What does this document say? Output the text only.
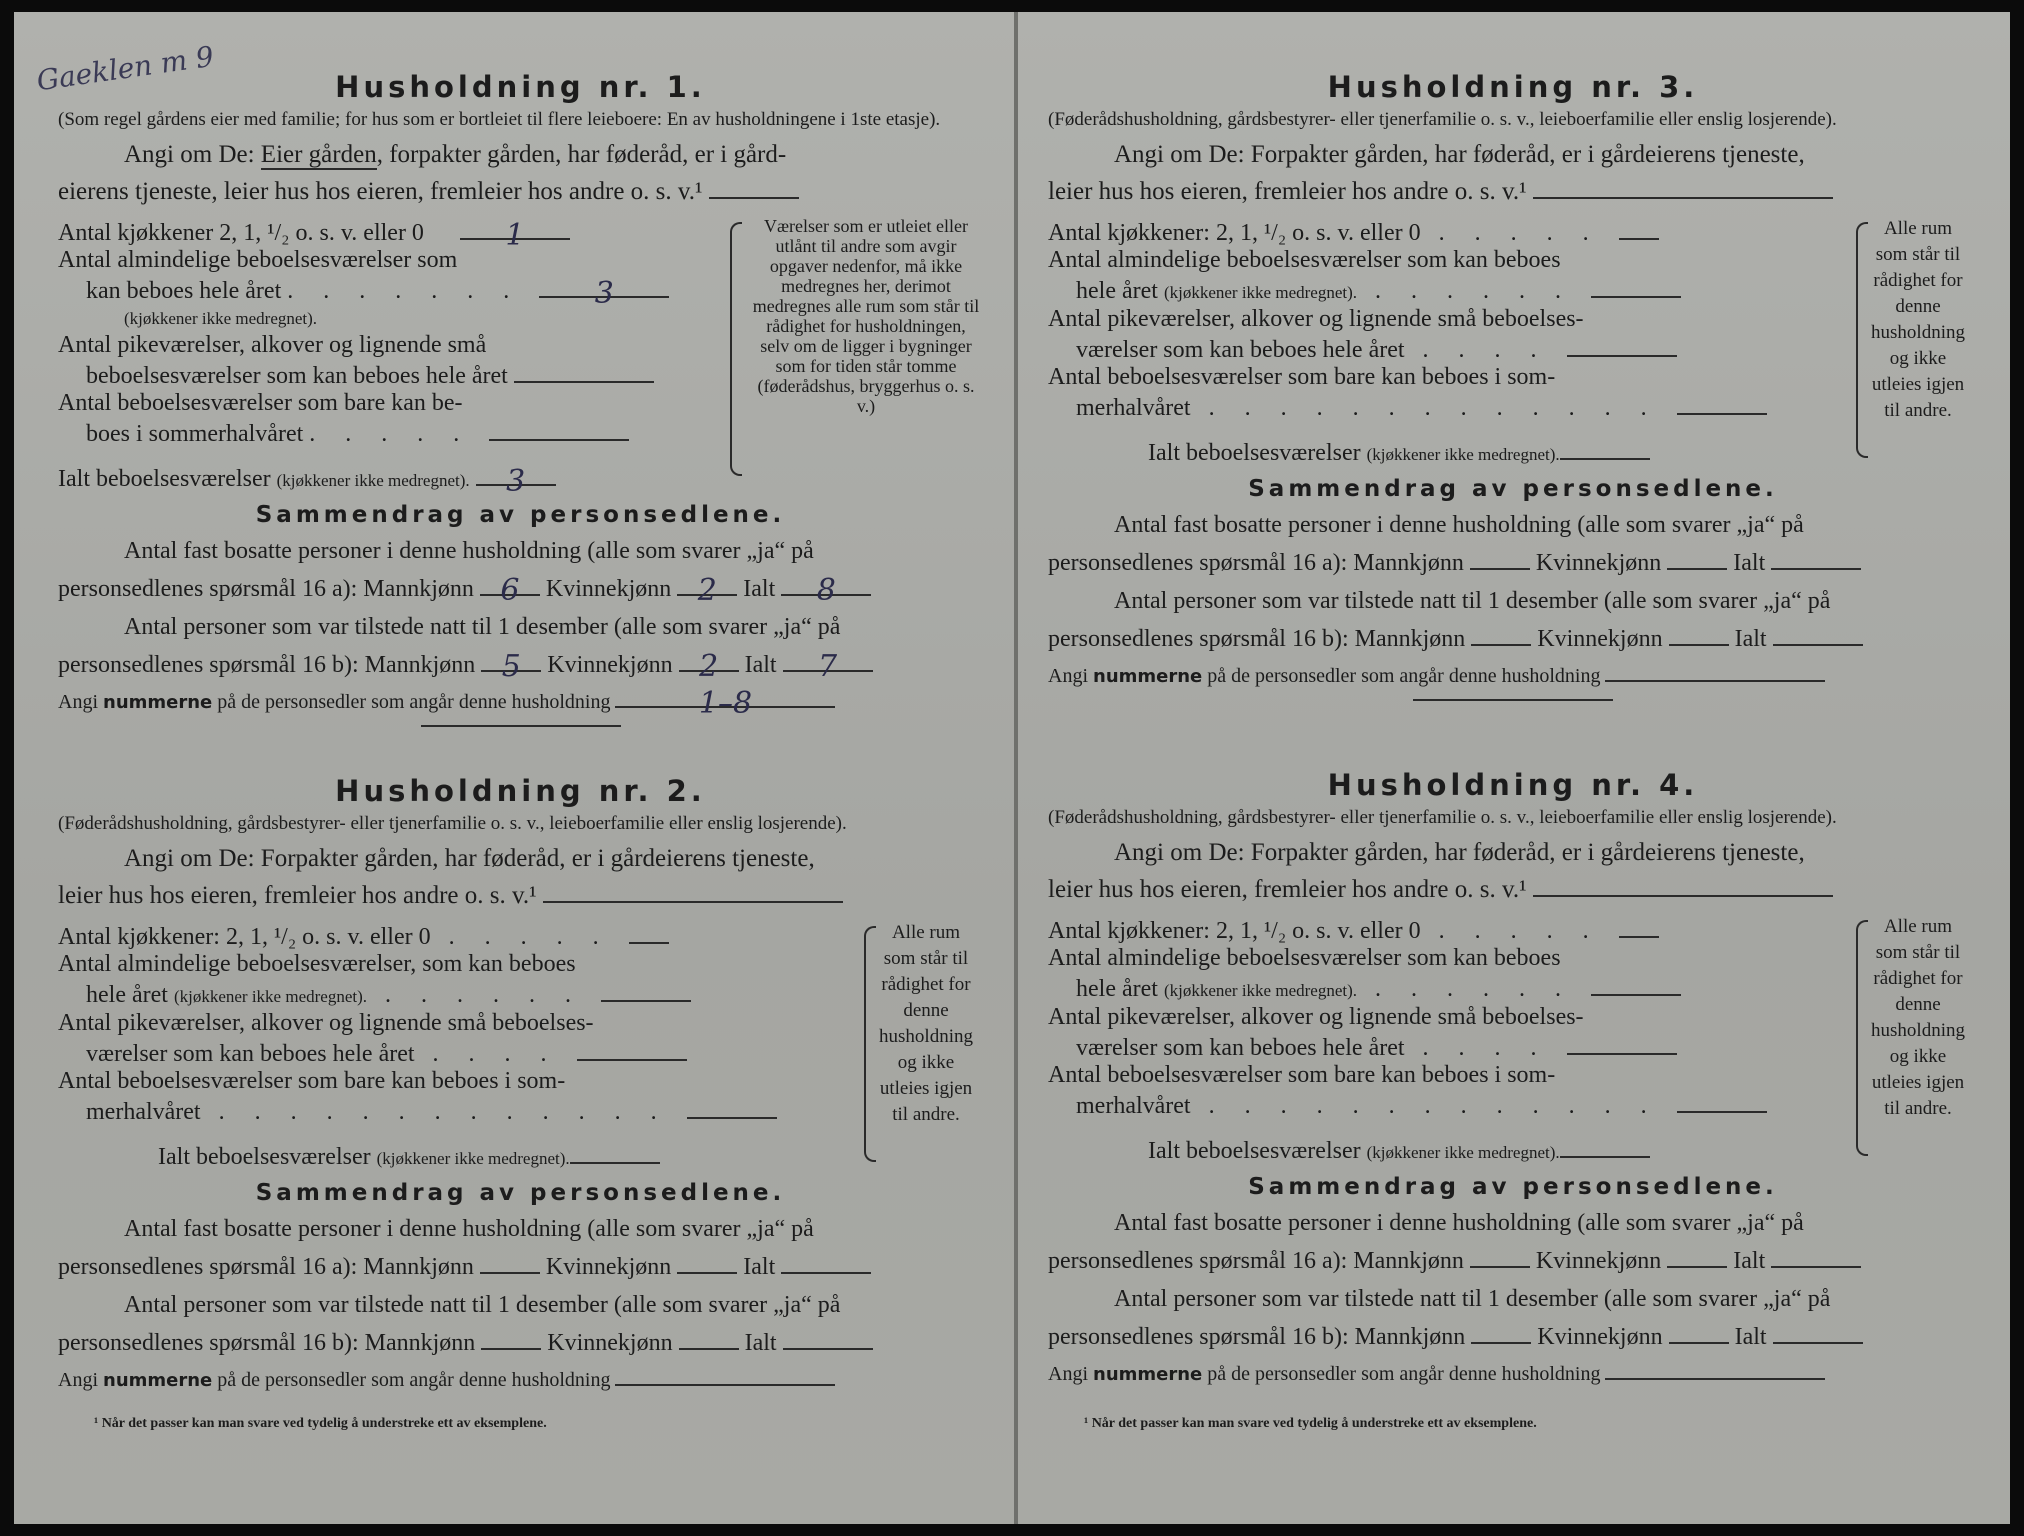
Gaeklen m 9	Husholdning nr. 1.
(Som regel gårdens eier med familie; for hus som er bortleiet til flere leieboere: En av husholdningene i 1ste etasje).
Angi om De: Eier gården, forpakter gården, har føderåd, er i gård-
eierens tjeneste, leier hus hos eieren, fremleier hos andre o. s. v.¹
Antal kjøkkener 2, 1, ¹/₂ o. s. v. eller 0	1
Antal almindelige beboelsesværelser som
kan beboes hele året . . . . . . .	3
(kjøkkener ikke medregnet).
Antal pikeværelser, alkover og lignende små
beboelsesværelser som kan beboes hele året
Antal beboelsesværelser som bare kan be-
boes i sommerhalvåret . . . . .
Ialt beboelsesværelser (kjøkkener ikke medregnet).	3
Værelser som er utleiet eller utlånt til andre som avgir opgaver nedenfor, må ikke medregnes her, derimot medregnes alle rum som står til rådighet for husholdningen, selv om de ligger i bygninger som for tiden står tomme (føderådshus, bryggerhus o. s. v.)
Sammendrag av personsedlene.
Antal fast bosatte personer i denne husholdning (alle som svarer „ja“ på
personsedlenes spørsmål 16 a): Mannkjønn 6	Kvinnekjønn 2	Ialt	8
Antal personer som var tilstede natt til 1 desember (alle som svarer „ja“ på
personsedlenes spørsmål 16 b): Mannkjønn 5	Kvinnekjønn 2	Ialt	7
Angi nummerne på de personsedler som angår denne husholdning	1–8
Husholdning nr. 2.
(Føderådshusholdning, gårdsbestyrer- eller tjenerfamilie o. s. v., leieboerfamilie eller enslig losjerende).
Angi om De: Forpakter gården, har føderåd, er i gårdeierens tjeneste,
leier hus hos eieren, fremleier hos andre o. s. v.¹
Antal kjøkkener: 2, 1, ¹/₂ o. s. v. eller 0 . . . . .
Antal almindelige beboelsesværelser, som kan beboes
hele året (kjøkkener ikke medregnet). . . . . . .
Antal pikeværelser, alkover og lignende små beboelses-
værelser som kan beboes hele året . . . .
Antal beboelsesværelser som bare kan beboes i som-
merhalvåret . . . . . . . . . . . . .
Ialt beboelsesværelser (kjøkkener ikke medregnet).
Alle rum som står til rådighet for denne husholdning og ikke utleies igjen til andre.
Sammendrag av personsedlene.
Antal fast bosatte personer i denne husholdning (alle som svarer „ja“ på
personsedlenes spørsmål 16 a): Mannkjønn	Kvinnekjønn	Ialt
Antal personer som var tilstede natt til 1 desember (alle som svarer „ja“ på
personsedlenes spørsmål 16 b): Mannkjønn	Kvinnekjønn	Ialt
Angi nummerne på de personsedler som angår denne husholdning
¹ Når det passer kan man svare ved tydelig å understreke ett av eksemplene.
Husholdning nr. 3.
(Føderådshusholdning, gårdsbestyrer- eller tjenerfamilie o. s. v., leieboerfamilie eller enslig losjerende).
Angi om De: Forpakter gården, har føderåd, er i gårdeierens tjeneste,
leier hus hos eieren, fremleier hos andre o. s. v.¹
Antal kjøkkener: 2, 1, ¹/₂ o. s. v. eller 0 . . . . .
Antal almindelige beboelsesværelser som kan beboes
hele året (kjøkkener ikke medregnet). . . . . . .
Antal pikeværelser, alkover og lignende små beboelses-
værelser som kan beboes hele året . . . .
Antal beboelsesværelser som bare kan beboes i som-
merhalvåret . . . . . . . . . . . . .
Ialt beboelsesværelser (kjøkkener ikke medregnet).
Alle rum som står til rådighet for denne husholdning og ikke utleies igjen til andre.
Sammendrag av personsedlene.
Antal fast bosatte personer i denne husholdning (alle som svarer „ja“ på
personsedlenes spørsmål 16 a): Mannkjønn	Kvinnekjønn	Ialt
Antal personer som var tilstede natt til 1 desember (alle som svarer „ja“ på
personsedlenes spørsmål 16 b): Mannkjønn	Kvinnekjønn	Ialt
Angi nummerne på de personsedler som angår denne husholdning
Husholdning nr. 4.
(Føderådshusholdning, gårdsbestyrer- eller tjenerfamilie o. s. v., leieboerfamilie eller enslig losjerende).
Angi om De: Forpakter gården, har føderåd, er i gårdeierens tjeneste,
leier hus hos eieren, fremleier hos andre o. s. v.¹
Antal kjøkkener: 2, 1, ¹/₂ o. s. v. eller 0 . . . . .
Antal almindelige beboelsesværelser som kan beboes
hele året (kjøkkener ikke medregnet). . . . . . .
Antal pikeværelser, alkover og lignende små beboelses-
værelser som kan beboes hele året . . . .
Antal beboelsesværelser som bare kan beboes i som-
merhalvåret . . . . . . . . . . . . .
Ialt beboelsesværelser (kjøkkener ikke medregnet).
Alle rum som står til rådighet for denne husholdning og ikke utleies igjen til andre.
Sammendrag av personsedlene.
Antal fast bosatte personer i denne husholdning (alle som svarer „ja“ på
personsedlenes spørsmål 16 a): Mannkjønn	Kvinnekjønn	Ialt
Antal personer som var tilstede natt til 1 desember (alle som svarer „ja“ på
personsedlenes spørsmål 16 b): Mannkjønn	Kvinnekjønn	Ialt
Angi nummerne på de personsedler som angår denne husholdning
¹ Når det passer kan man svare ved tydelig å understreke ett av eksemplene.
